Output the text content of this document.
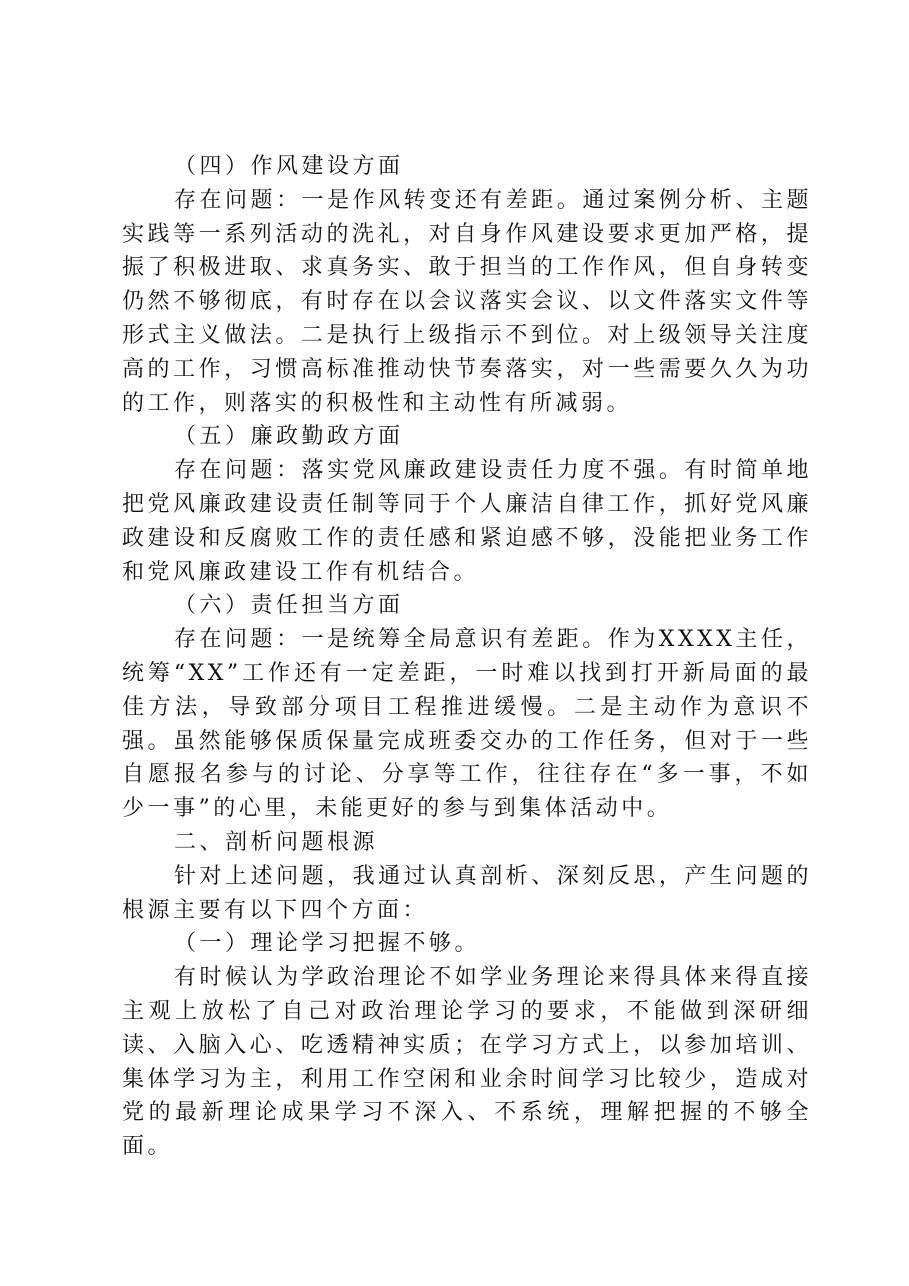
（四）作风建设方面

存在问题：一是作风转变还有差距。通过案例分析、主题实践等一系列活动的洗礼，对自身作风建设要求更加严格，提振了积极进取、求真务实、敢于担当的工作作风，但自身转变仍然不够彻底，有时存在以会议落实会议、以文件落实文件等形式主义做法。二是执行上级指示不到位。对上级领导关注度高的工作，习惯高标准推动快节奏落实，对一些需要久久为功的工作，则落实的积极性和主动性有所减弱。

（五）廉政勤政方面

存在问题：落实党风廉政建设责任力度不强。有时简单地把党风廉政建设责任制等同于个人廉洁自律工作，抓好党风廉政建设和反腐败工作的责任感和紧迫感不够，没能把业务工作和党风廉政建设工作有机结合。

（六）责任担当方面

存在问题：一是统筹全局意识有差距。作为XXXX主任，统筹“XX”工作还有一定差距，一时难以找到打开新局面的最佳方法，导致部分项目工程推进缓慢。二是主动作为意识不强。虽然能够保质保量完成班委交办的工作任务，但对于一些自愿报名参与的讨论、分享等工作，往往存在“多一事，不如少一事”的心里，未能更好的参与到集体活动中。

二、剖析问题根源

针对上述问题，我通过认真剖析、深刻反思，产生问题的根源主要有以下四个方面：

（一）理论学习把握不够。

有时候认为学政治理论不如学业务理论来得具体来得直接主观上放松了自己对政治理论学习的要求，不能做到深研细读、入脑入心、吃透精神实质；在学习方式上，以参加培训、集体学习为主，利用工作空闲和业余时间学习比较少，造成对党的最新理论成果学习不深入、不系统，理解把握的不够全面。
